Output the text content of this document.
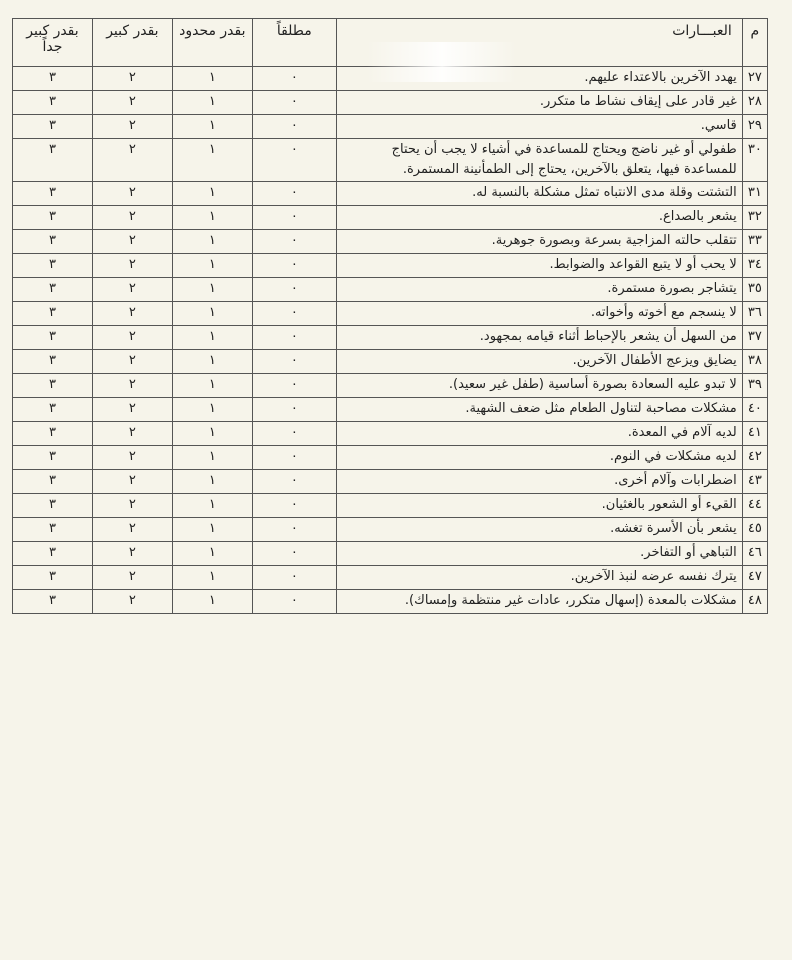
م	العبـــارات	مطلقاً	بقدر محدود	بقدر كبير	بقدر كبير جداً
٢٧	يهدد الآخرين بالاعتداء عليهم.	٠	١	٢	٣
٢٨	غير قادر على إيقاف نشاط ما متكرر.	٠	١	٢	٣
٢٩	قاسي.	٠	١	٢	٣
٣٠	طفولي أو غير ناضج ويحتاج للمساعدة في أشياء لا يجب أن يحتاج للمساعدة فيها، يتعلق بالآخرين، يحتاج إلى الطمأنينة المستمرة.	٠	١	٢	٣
٣١	التشتت وقلة مدى الانتباه تمثل مشكلة بالنسبة له.	٠	١	٢	٣
٣٢	يشعر بالصداع.	٠	١	٢	٣
٣٣	تتقلب حالته المزاجية بسرعة وبصورة جوهرية.	٠	١	٢	٣
٣٤	لا يحب أو لا يتبع القواعد والضوابط.	٠	١	٢	٣
٣٥	يتشاجر بصورة مستمرة.	٠	١	٢	٣
٣٦	لا ينسجم مع أخوته وأخواته.	٠	١	٢	٣
٣٧	من السهل أن يشعر بالإحباط أثناء قيامه بمجهود.	٠	١	٢	٣
٣٨	يضايق ويزعج الأطفال الآخرين.	٠	١	٢	٣
٣٩	لا تبدو عليه السعادة بصورة أساسية (طفل غير سعيد).	٠	١	٢	٣
٤٠	مشكلات مصاحبة لتناول الطعام مثل ضعف الشهية.	٠	١	٢	٣
٤١	لديه آلام في المعدة.	٠	١	٢	٣
٤٢	لديه مشكلات في النوم.	٠	١	٢	٣
٤٣	اضطرابات وآلام أخرى.	٠	١	٢	٣
٤٤	القيء أو الشعور بالغثيان.	٠	١	٢	٣
٤٥	يشعر بأن الأسرة تغشه.	٠	١	٢	٣
٤٦	التباهي أو التفاخر.	٠	١	٢	٣
٤٧	يترك نفسه عرضه لنبذ الآخرين.	٠	١	٢	٣
٤٨	مشكلات بالمعدة (إسهال متكرر، عادات غير منتظمة وإمساك).	٠	١	٢	٣
